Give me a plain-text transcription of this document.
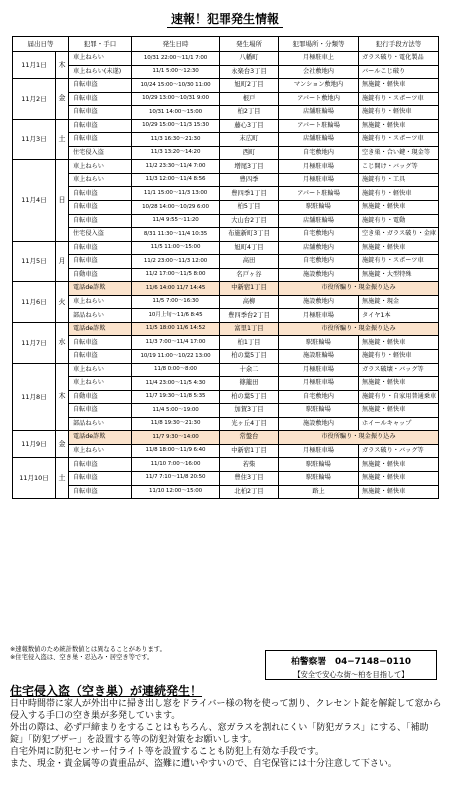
速報！犯罪発生情報
届出日等		犯罪・手口	発生日時	発生場所	犯罪場所・分類等	犯行手段方法等
11月1日	木	車上ねらい	10/31 22:00〜11/1 7:00	八幡町	月極駐車上	ガラス破り・電化製品
		車上ねらい(未遂)	11/1 5:00〜12:30	永楽台3丁目	会社敷地内	バールこじ破り
11月2日	金	自転車盗	10/24 15:00〜10/30 11:00	旭町2丁目	マンション敷地内	無施錠・軽快車
		自転車盗	10/29 13:00〜10/31 9:00	根戸	アパート敷地内	施錠有り・スポーツ車
		自転車盗	10/31 14:00〜15:00	柏2丁目	店舗駐輪場	施錠有り・軽快車
11月3日	土	自転車盗	10/29 15:00〜11/3 15:30	藤心3丁目	アパート駐輪場	無施錠・軽快車
		自転車盗	11/3 16:30〜21:30	末広町	店舗駐輪場	施錠有り・スポーツ車
		住宅侵入盗	11/3 13:20〜14:20	西町	自宅敷地内	空き巣・合い鍵・現金等
11月4日	日	車上ねらい	11/2 23:30〜11/4 7:00	増尾3丁目	月極駐車場	こじ開け・バッグ等
		車上ねらい	11/3 12:00〜11/4 8:56	豊四季	月極駐車場	施錠有り・工具
		自転車盗	11/1 15:00〜11/3 13:00	豊四季1丁目	アパート駐輪場	施錠有り・軽快車
		自転車盗	10/28 14:00〜10/29 6:00	柏5丁目	駅駐輪場	無施錠・軽快車
		自転車盗	11/4 9:55〜11:20	大山台2丁目	店舗駐輪場	施錠有り・電動
		住宅侵入盗	8/31 11:30〜11/4 10:35	布施新町3丁目	自宅敷地内	空き巣・ガラス破り・金庫
11月5日	月	自転車盗	11/5 11:00〜15:00	旭町4丁目	店舗敷地内	無施錠・軽快車
		自転車盗	11/2 23:00〜11/3 12:00	高田	自宅敷地内	施錠有り・スポーツ車
		自動車盗	11/2 17:00〜11/5 8:00	名戸ヶ谷	施設敷地内	無施錠・大型特殊
11月6日	火	電話de詐欺	11/6 14:00 11/7 14:45	中新宿1丁目	市役所騙り・現金振り込み	
		車上ねらい	11/5 7:00〜16:30	高柳	施設敷地内	無施錠・現金
		部品ねらい	10月上旬〜11/6 8:45	豊四季台2丁目	月極駐車場	タイヤ1本
11月7日	水	電話de詐欺	11/5 18:00 11/6 14:52	富里1丁目	市役所騙り・現金振り込み	
		自転車盗	11/3 7:00〜11/4 17:00	柏1丁目	駅駐輪場	無施錠・軽快車
		自転車盗	10/19 11:00〜10/22 13:00	柏の葉5丁目	施設駐輪場	施錠有り・軽快車
11月8日	木	車上ねらい	11/8 0:00〜8:00	十余二	月極駐車場	ガラス破壊・バッグ等
		車上ねらい	11/4 23:00〜11/5 4:30	篠籠田	月極駐車場	無施錠・軽快車
		自動車盗	11/7 19:30〜11/8 5:35	柏の葉5丁目	自宅敷地内	施錠有り・自家用普通乗車
		自転車盗	11/4 5:00〜19:00	加賀3丁目	駅駐輪場	無施錠・軽快車
		部品ねらい	11/8 19:30〜21:30	光ヶ丘4丁目	施設敷地内	ホイールキャップ
11月9日	金	電話de詐欺	11/7 9:30〜14:00	常盤台	市役所騙り・現金振り込み	
		車上ねらい	11/8 18:00〜11/9 6:40	中新宿1丁目	月極駐車場	ガラス破り・バッグ等
11月10日	土	自転車盗	11/10 7:00〜16:00	若柴	駅駐輪場	無施錠・軽快車
		自転車盗	11/7 7:10〜11/8 20:50	豊住3丁目	駅駐輪場	無施錠・軽快車
		自転車盗	11/10 12:00〜15:00	北柏2丁目	路上	無施錠・軽快車
※速報数値のため統計数値とは異なることがあります。
※住宅侵入盗は、空き巣・忍込み・居空き等です。	柏警察署　04−7148−0110
【安全で安心な街〜柏を目指して】
住宅侵入盗（空き巣）が連続発生！
日中時間帯に家人が外出中に掃き出し窓をドライバー様の物を使って割り、クレセント錠を解錠して窓から侵入する手口の空き巣が多発しています。
外出の際は、必ず戸締まりをすることはもちろん、窓ガラスを割れにくい「防犯ガラス」にする、「補助錠」「防犯ブザー」を設置する等の防犯対策をお願いします。
自宅外周に防犯センサー付ライト等を設置することも防犯上有効な手段です。
また、現金・貴金属等の貴重品が、盗難に遭いやすいので、自宅保管には十分注意して下さい。
